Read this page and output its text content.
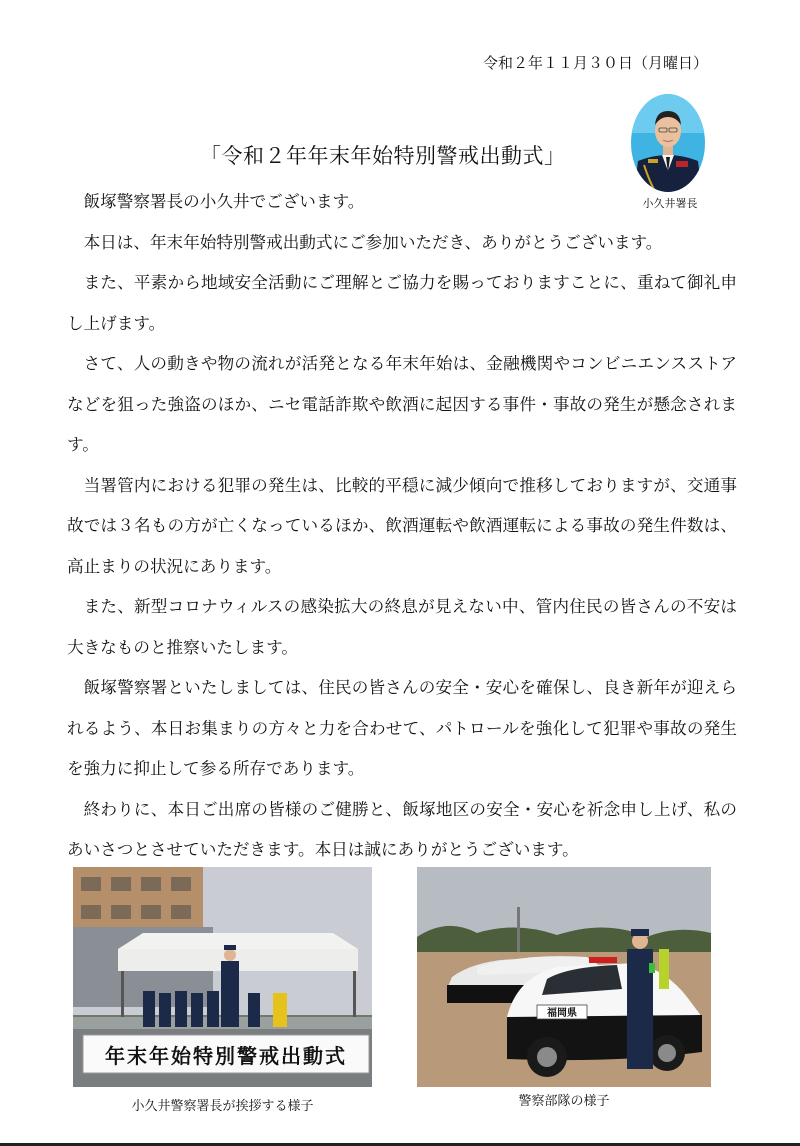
令和２年１１月３０日（月曜日）
「令和２年年末年始特別警戒出動式」
小久井署長

飯塚警察署長の小久井でございます。

本日は、年末年始特別警戒出動式にご参加いただき、ありがとうございます。

また、平素から地域安全活動にご理解とご協力を賜っておりますことに、重ねて御礼申し上げます。

さて、人の動きや物の流れが活発となる年末年始は、金融機関やコンビニエンスストアなどを狙った強盗のほか、ニセ電話詐欺や飲酒に起因する事件・事故の発生が懸念されます。

当署管内における犯罪の発生は、比較的平穏に減少傾向で推移しておりますが、交通事故では３名もの方が亡くなっているほか、飲酒運転や飲酒運転による事故の発生件数は、高止まりの状況にあります。

また、新型コロナウィルスの感染拡大の終息が見えない中、管内住民の皆さんの不安は大きなものと推察いたします。

飯塚警察署といたしましては、住民の皆さんの安全・安心を確保し、良き新年が迎えられるよう、本日お集まりの方々と力を合わせて、パトロールを強化して犯罪や事故の発生を強力に抑止して参る所存であります。

終わりに、本日ご出席の皆様のご健勝と、飯塚地区の安全・安心を祈念申し上げ、私のあいさつとさせていただきます。本日は誠にありがとうございます。

年末年始特別警戒出動式
小久井警察署長が挨拶する様子
福岡県
警察部隊の様子
